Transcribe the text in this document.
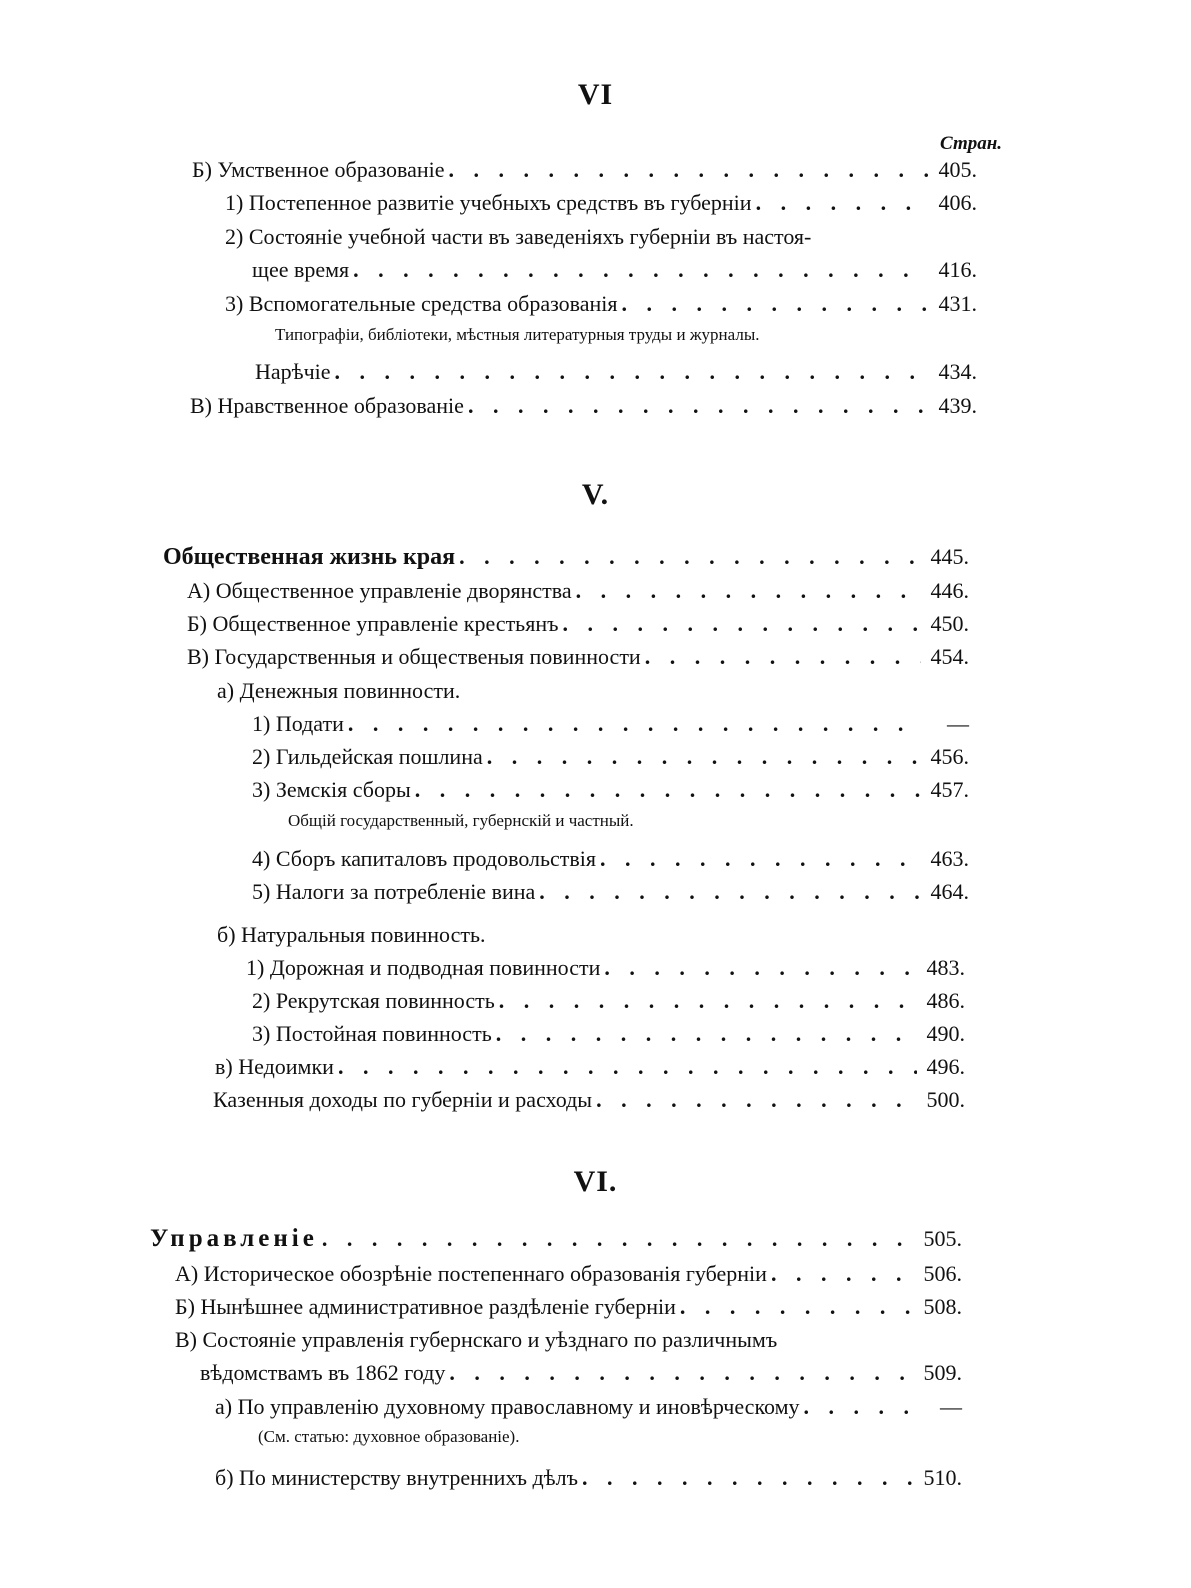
VI
Стран.
Б) Умственное образованіе . . .	405.
1) Постепенное развитіе учебныхъ средствъ въ губерніи . . .	406.
2) Состояніе учебной части въ заведеніяхъ губерніи въ настоя-
щее время . . .	416.
3) Вспомогательные средства образованія . . .	431.
Типографіи, библіотеки, мѣстныя литературныя труды и журналы.
Нарѣчіе . . .	434.
В) Нравственное образованіе . . .	439.
V.
Общественная жизнь края . . .	445.
А) Общественное управленіе дворянства . . .	446.
Б) Общественное управленіе крестьянъ . . .	450.
В) Государственныя и общественыя повинности . . .	454.
а) Денежныя повинности.
1) Подати . . .	—
2) Гильдейская пошлина . . .	456.
3) Земскія сборы . . .	457.
Общій государственный, губернскій и частный.
4) Сборъ капиталовъ продовольствія . . .	463.
5) Налоги за потребленіе вина . . .	464.
б) Натуральныя повинность.
1) Дорожная и подводная повинности . . .	483.
2) Рекрутская повинность . . .	486.
3) Постойная повинность . . .	490.
в) Недоимки . . .	496.
Казенныя доходы по губерніи и расходы . . .	500.
VI.
Управленіе . . .	505.
А) Историческое обозрѣніе постепеннаго образованія губерніи . . .	506.
Б) Нынѣшнее административное раздѣленіе губерніи . . .	508.
В) Состояніе управленія губернскаго и уѣзднаго по различнымъ
вѣдомствамъ въ 1862 году . . .	509.
а) По управленію духовному православному и иновѣрческому . . .	—
(См. статью: духовное образованіе).
б) По министерству внутреннихъ дѣлъ . . .	510.
